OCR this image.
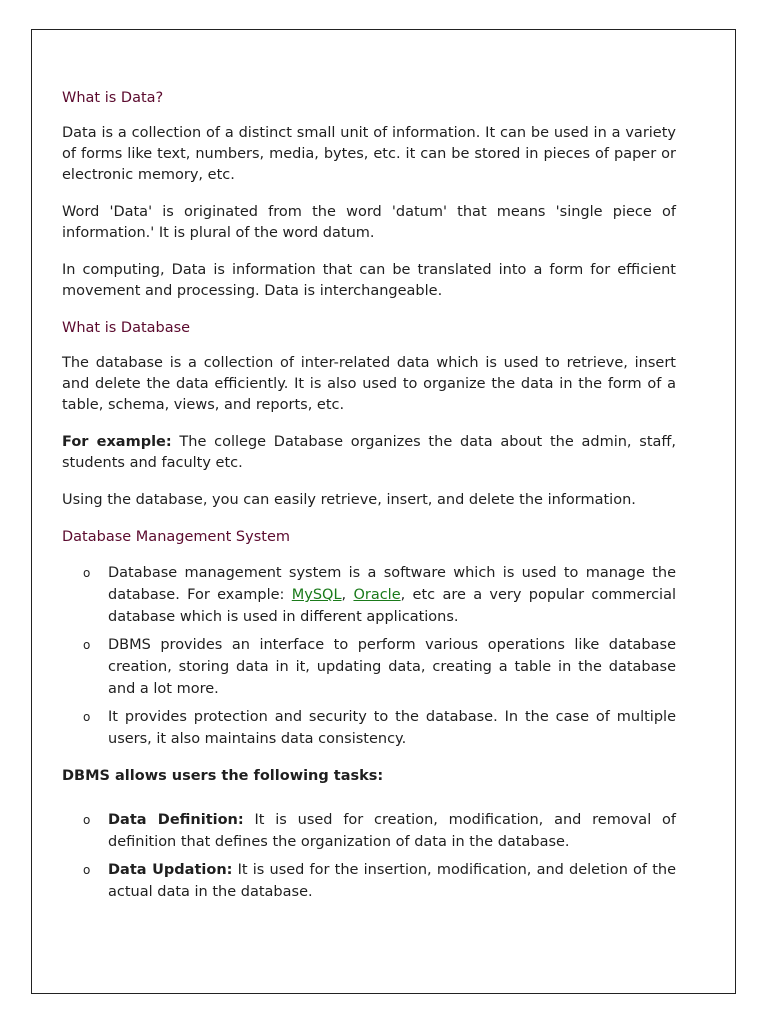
What is Data?

Data is a collection of a distinct small unit of information. It can be used in a variety of forms like text, numbers, media, bytes, etc. it can be stored in pieces of paper or electronic memory, etc.

Word 'Data' is originated from the word 'datum' that means 'single piece of information.' It is plural of the word datum.

In computing, Data is information that can be translated into a form for efficient movement and processing. Data is interchangeable.

What is Database

The database is a collection of inter-related data which is used to retrieve, insert and delete the data efficiently. It is also used to organize the data in the form of a table, schema, views, and reports, etc.

For example: The college Database organizes the data about the admin, staff, students and faculty etc.

Using the database, you can easily retrieve, insert, and delete the information.

Database Management System
o Database management system is a software which is used to manage the database. For example: MySQL, Oracle, etc are a very popular commercial database which is used in different applications.
o DBMS provides an interface to perform various operations like database creation, storing data in it, updating data, creating a table in the database and a lot more.
o It provides protection and security to the database. In the case of multiple users, it also maintains data consistency.

DBMS allows users the following tasks:

o Data Definition: It is used for creation, modification, and removal of definition that defines the organization of data in the database.
o Data Updation: It is used for the insertion, modification, and deletion of the actual data in the database.
